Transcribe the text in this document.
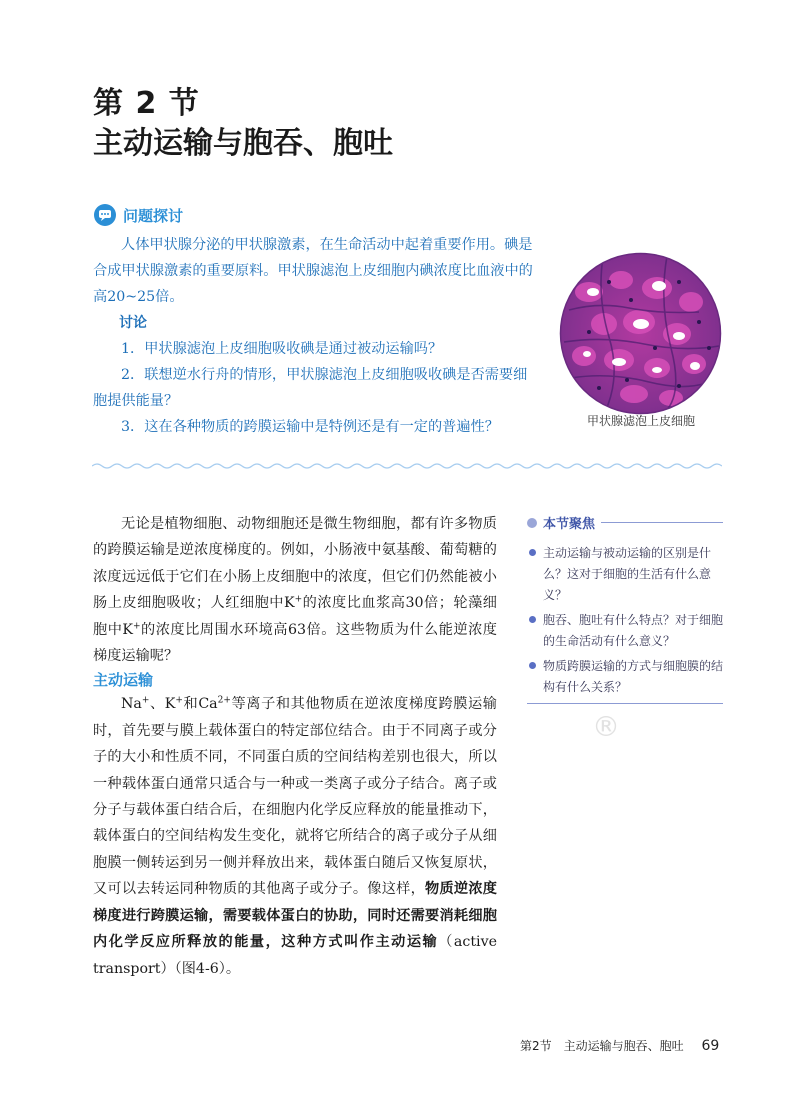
第 2 节
主动运输与胞吞、胞吐
问题探讨

人体甲状腺分泌的甲状腺激素，在生命活动中起着重要作用。碘是合成甲状腺激素的重要原料。甲状腺滤泡上皮细胞内碘浓度比血液中的高20~25倍。

讨论

1．甲状腺滤泡上皮细胞吸收碘是通过被动运输吗？

2．联想逆水行舟的情形，甲状腺滤泡上皮细胞吸收碘是否需要细胞提供能量？

3．这在各种物质的跨膜运输中是特例还是有一定的普遍性？	甲状腺滤泡上皮细胞

无论是植物细胞、动物细胞还是微生物细胞，都有许多物质的跨膜运输是逆浓度梯度的。例如，小肠液中氨基酸、葡萄糖的浓度远远低于它们在小肠上皮细胞中的浓度，但它们仍然能被小肠上皮细胞吸收；人红细胞中K+的浓度比血浆高30倍；轮藻细胞中K+的浓度比周围水环境高63倍。这些物质为什么能逆浓度梯度运输呢？

主动运输

Na+、K+和$Ca^{2+}$等离子和其他物质在逆浓度梯度跨膜运输时，首先要与膜上载体蛋白的特定部位结合。由于不同离子或分子的大小和性质不同，不同蛋白质的空间结构差别也很大，所以一种载体蛋白通常只适合与一种或一类离子或分子结合。离子或分子与载体蛋白结合后，在细胞内化学反应释放的能量推动下，载体蛋白的空间结构发生变化，就将它所结合的离子或分子从细胞膜一侧转运到另一侧并释放出来，载体蛋白随后又恢复原状，又可以去转运同种物质的其他离子或分子。像这样，物质逆浓度梯度进行跨膜运输，需要载体蛋白的协助，同时还需要消耗细胞内化学反应所释放的能量，这种方式叫作主动运输（active transport）（图4-6）。

本节聚焦
主动运输与被动运输的区别是什么？这对于细胞的生活有什么意义？
胞吞、胞吐有什么特点？对于细胞的生命活动有什么意义？
物质跨膜运输的方式与细胞膜的结构有什么关系？
®
第2节　主动运输与胞吞、胞吐 69
